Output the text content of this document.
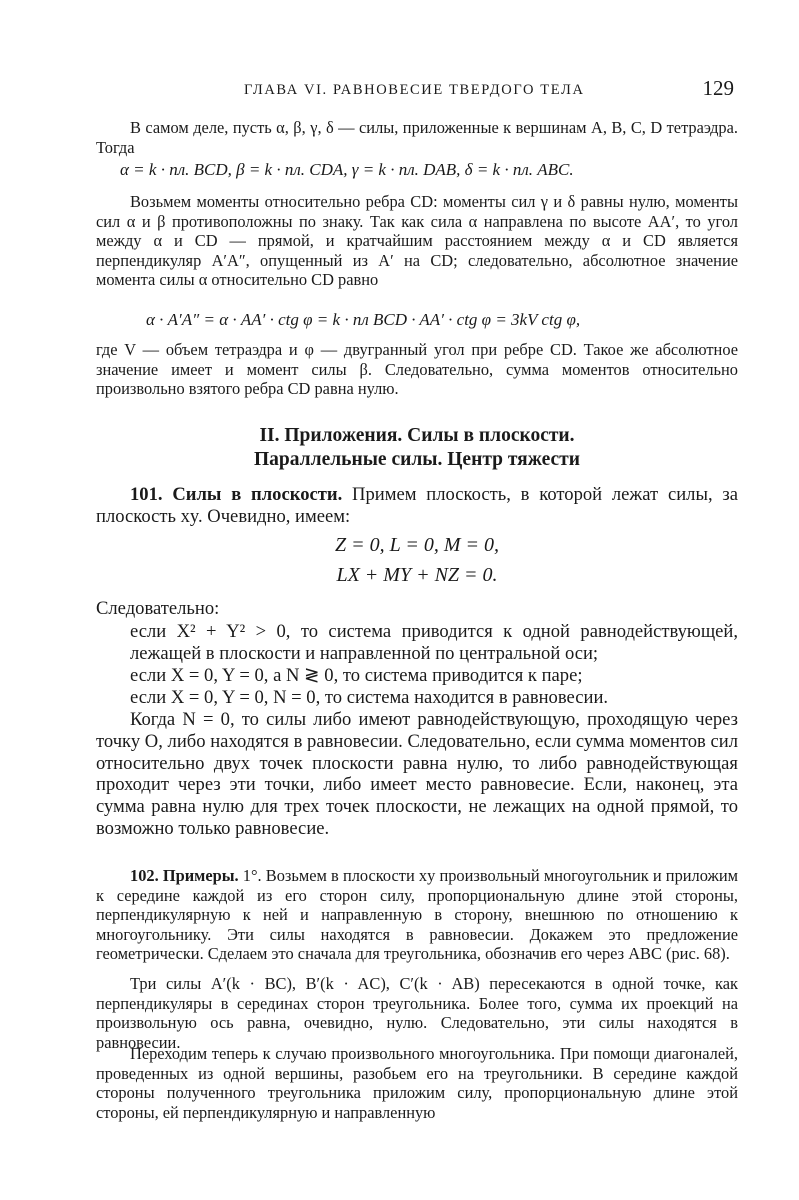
ГЛАВА VI. РАВНОВЕСИЕ ТВЕРДОГО ТЕЛА	129
В самом деле, пусть α, β, γ, δ — силы, приложенные к вершинам A, B, C, D тетраэдра. Тогда
α = k · пл. BCD, β = k · пл. CDA, γ = k · пл. DAB, δ = k · пл. ABC.
Возьмем моменты относительно ребра CD: моменты сил γ и δ равны нулю, моменты сил α и β противоположны по знаку. Так как сила α направлена по высоте AA′, то угол между α и CD — прямой, и кратчайшим расстоянием между α и CD является перпендикуляр A′A″, опущенный из A′ на CD; следовательно, абсолютное значение момента силы α относительно CD равно
α · A′A″ = α · AA′ · ctg φ = k · пл BCD · AA′ · ctg φ = 3kV ctg φ,
где V — объем тетраэдра и φ — двугранный угол при ребре CD. Такое же абсолютное значение имеет и момент силы β. Следовательно, сумма моментов относительно произвольно взятого ребра CD равна нулю.
II. Приложения. Силы в плоскости.
Параллельные силы. Центр тяжести
101. Силы в плоскости. Примем плоскость, в которой лежат силы, за плоскость xy. Очевидно, имеем:
Z = 0, L = 0, M = 0,
LX + MY + NZ = 0.
Следовательно:
если X² + Y² > 0, то система приводится к одной равнодействующей, лежащей в плоскости и направленной по центральной оси;
если X = 0, Y = 0, а N ≷ 0, то система приводится к паре;
если X = 0, Y = 0, N = 0, то система находится в равновесии.
Когда N = 0, то силы либо имеют равнодействующую, проходящую через точку O, либо находятся в равновесии. Следовательно, если сумма моментов сил относительно двух точек плоскости равна нулю, то либо равнодействующая проходит через эти точки, либо имеет место равновесие. Если, наконец, эта сумма равна нулю для трех точек плоскости, не лежащих на одной прямой, то возможно только равновесие.
102. Примеры. 1°. Возьмем в плоскости xy произвольный многоугольник и приложим к середине каждой из его сторон силу, пропорциональную длине этой стороны, перпендикулярную к ней и направленную в сторону, внешнюю по отношению к многоугольнику. Эти силы находятся в равновесии. Докажем это предложение геометрически. Сделаем это сначала для треугольника, обозначив его через ABC (рис. 68).
Три силы A′(k · BC), B′(k · AC), C′(k · AB) пересекаются в одной точке, как перпендикуляры в серединах сторон треугольника. Более того, сумма их проекций на произвольную ось равна, очевидно, нулю. Следовательно, эти силы находятся в равновесии.
Переходим теперь к случаю произвольного многоугольника. При помощи диагоналей, проведенных из одной вершины, разобьем его на треугольники. В середине каждой стороны полученного треугольника приложим силу, пропорциональную длине этой стороны, ей перпендикулярную и направленную
